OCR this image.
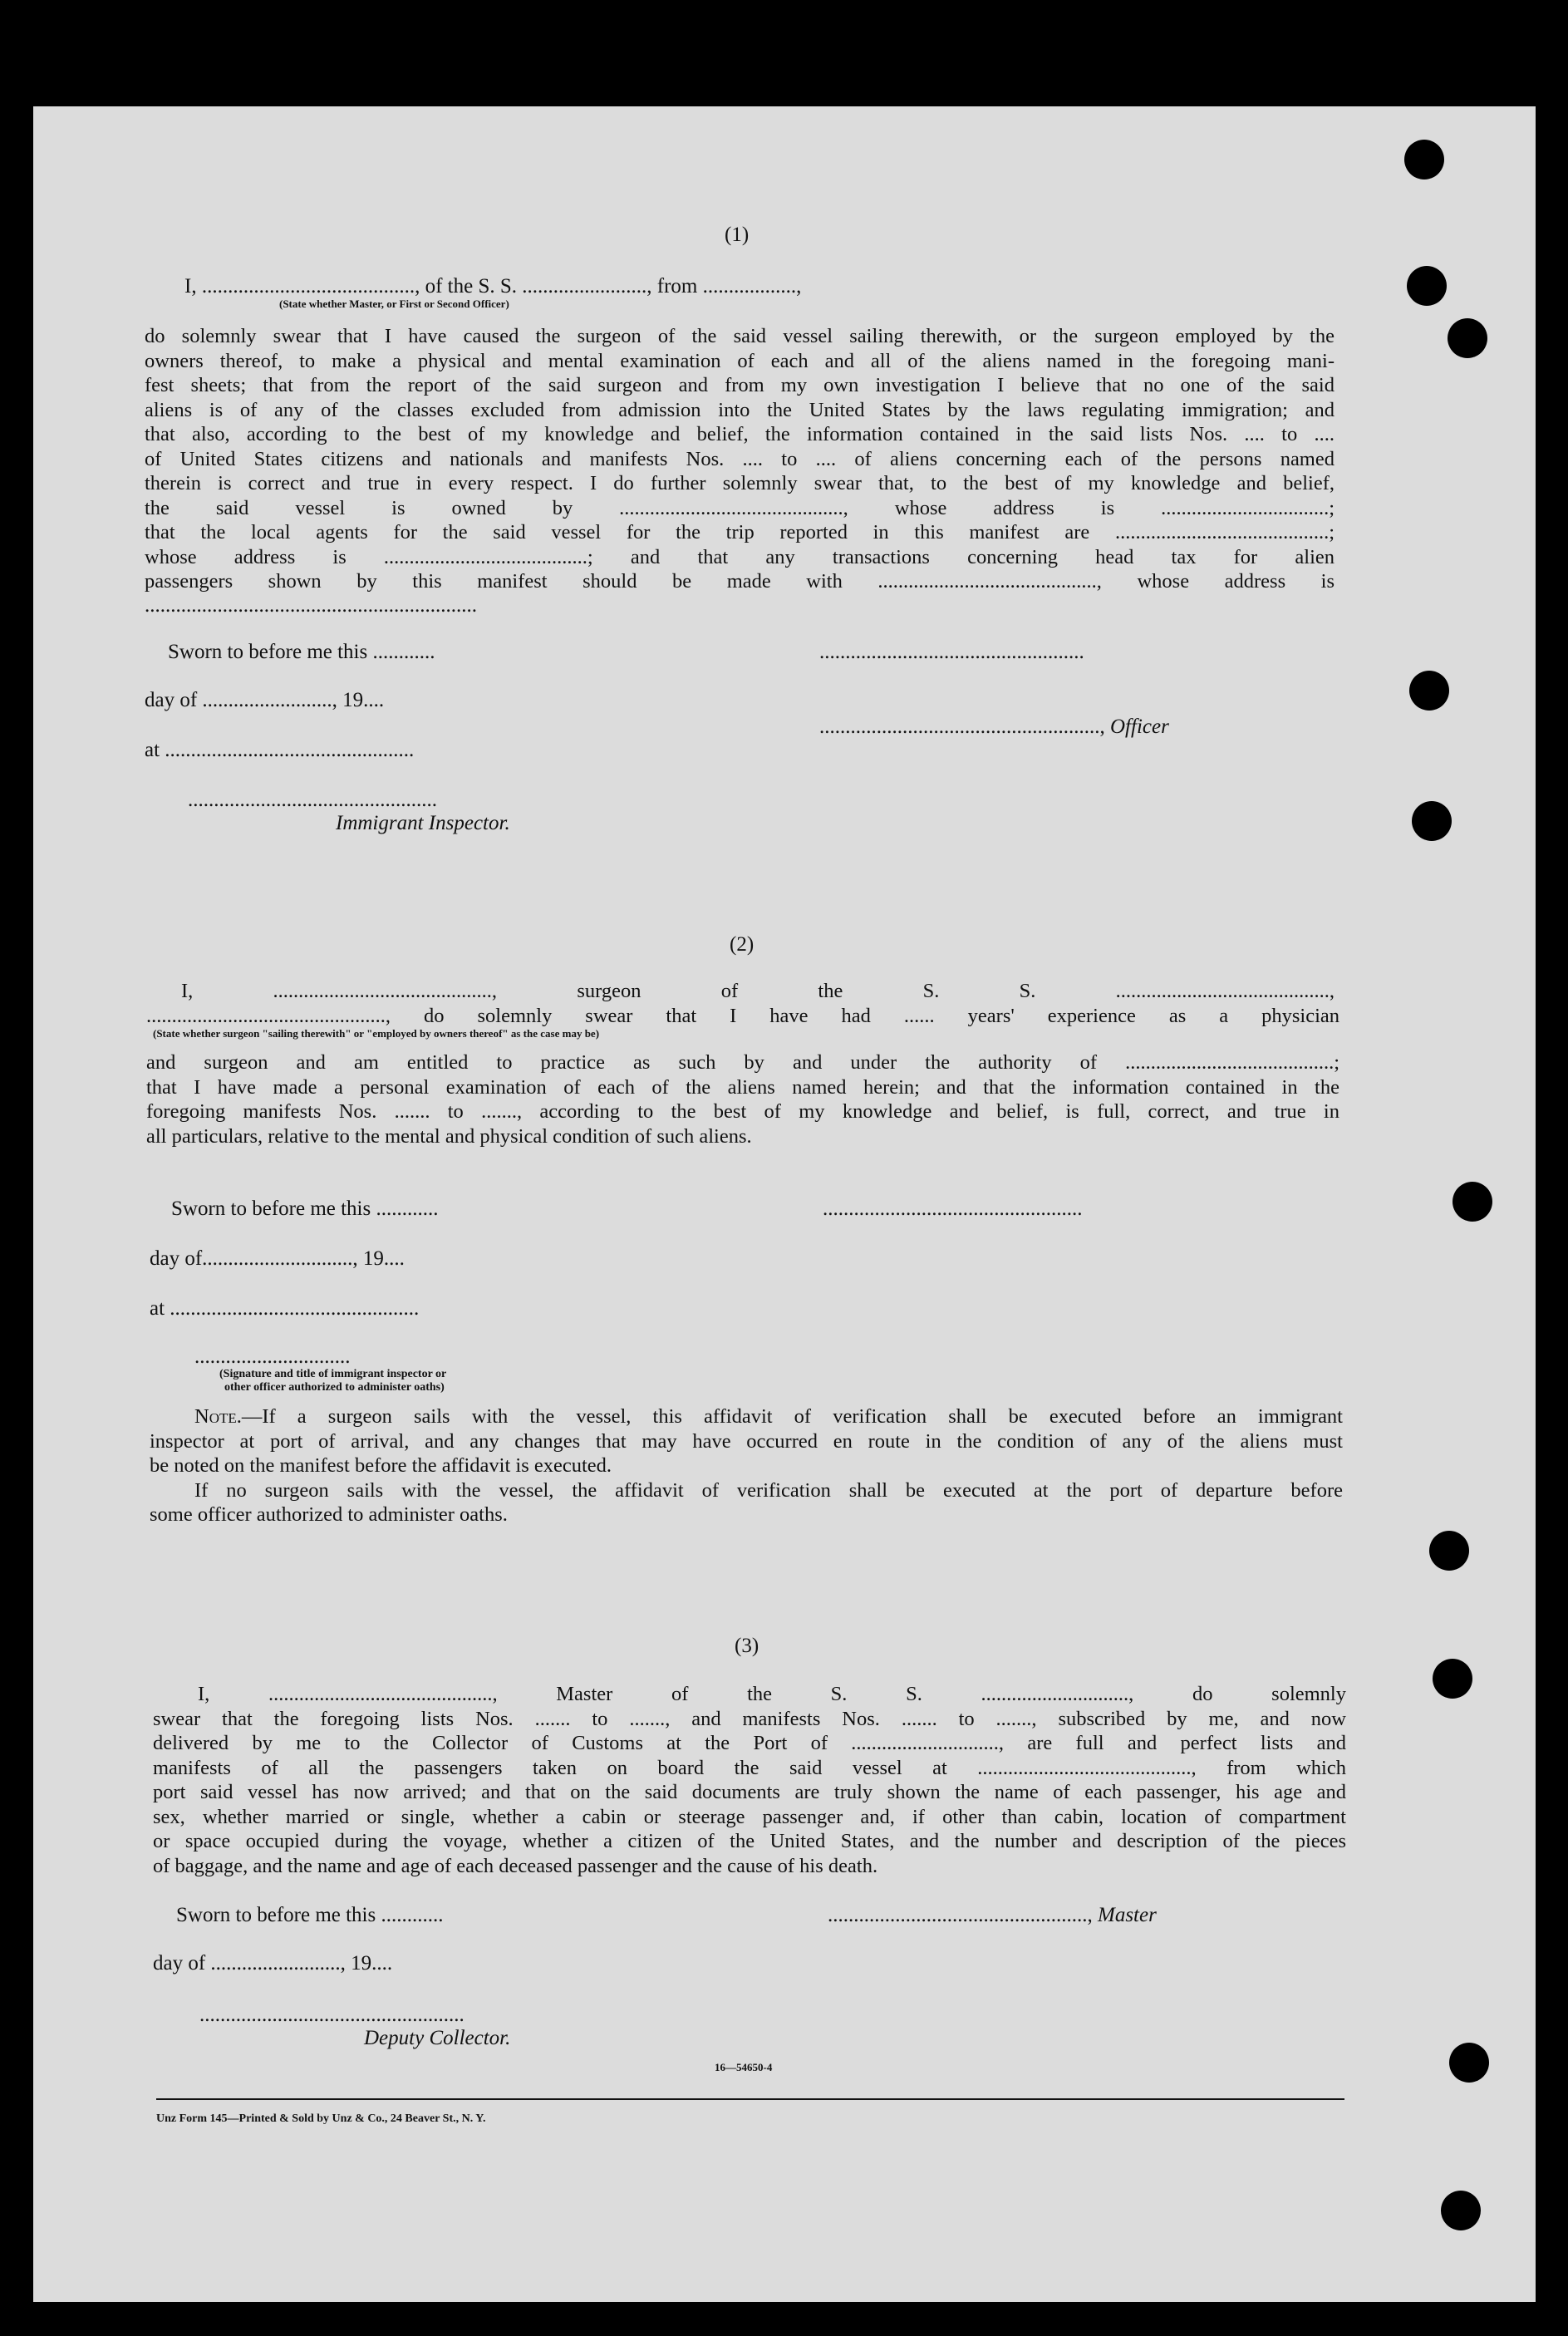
(1)
I, ........................................., of the S. S. ........................, from ..................,
(State whether Master, or First or Second Officer)
do solemnly swear that I have caused the surgeon of the said vessel sailing therewith, or the surgeon employed by the
owners thereof, to make a physical and mental examination of each and all of the aliens named in the foregoing mani-
fest sheets; that from the report of the said surgeon and from my own investigation I believe that no one of the said
aliens is of any of the classes excluded from admission into the United States by the laws regulating immigration; and
that also, according to the best of my knowledge and belief, the information contained in the said lists Nos. .... to ....
of United States citizens and nationals and manifests Nos. .... to .... of aliens concerning each of the persons named
therein is correct and true in every respect. I do further solemnly swear that, to the best of my knowledge and belief,
the said vessel is owned by ............................................, whose address is .................................;
that the local agents for the said vessel for the trip reported in this manifest are ..........................................;
whose address is ........................................; and that any transactions concerning head tax for alien
passengers shown by this manifest should be made with ..........................................., whose address is
................................................................
Sworn to before me this ............	...................................................
day of ........................., 19....
......................................................, Officer
at ................................................
................................................
Immigrant Inspector.
(2)
I, ..........................................., surgeon of the S. S. ..........................................,
..............................................., do solemnly swear that I have had ...... years' experience as a physician
(State whether surgeon "sailing therewith" or "employed by owners thereof" as the case may be)
and surgeon and am entitled to practice as such by and under the authority of .........................................;
that I have made a personal examination of each of the aliens named herein; and that the information contained in the
foregoing manifests Nos. ....... to ......., according to the best of my knowledge and belief, is full, correct, and true in
all particulars, relative to the mental and physical condition of such aliens.
Sworn to before me this ............	..................................................
day of............................., 19....
at ................................................
..............................
(Signature and title of immigrant inspector or
other officer authorized to administer oaths)
Note.—If a surgeon sails with the vessel, this affidavit of verification shall be executed before an immigrant
inspector at port of arrival, and any changes that may have occurred en route in the condition of any of the aliens must
be noted on the manifest before the affidavit is executed.
If no surgeon sails with the vessel, the affidavit of verification shall be executed at the port of departure before
some officer authorized to administer oaths.
(3)
I, ............................................, Master of the S. S. ............................., do solemnly
swear that the foregoing lists Nos. ....... to ......., and manifests Nos. ....... to ......., subscribed by me, and now
delivered by me to the Collector of Customs at the Port of ............................., are full and perfect lists and
manifests of all the passengers taken on board the said vessel at .........................................., from which
port said vessel has now arrived; and that on the said documents are truly shown the name of each passenger, his age and
sex, whether married or single, whether a cabin or steerage passenger and, if other than cabin, location of compartment
or space occupied during the voyage, whether a citizen of the United States, and the number and description of the pieces
of baggage, and the name and age of each deceased passenger and the cause of his death.
Sworn to before me this ............	.................................................., Master
day of ........................., 19....
...................................................
Deputy Collector.
16—54650-4
Unz Form 145—Printed & Sold by Unz & Co., 24 Beaver St., N. Y.
